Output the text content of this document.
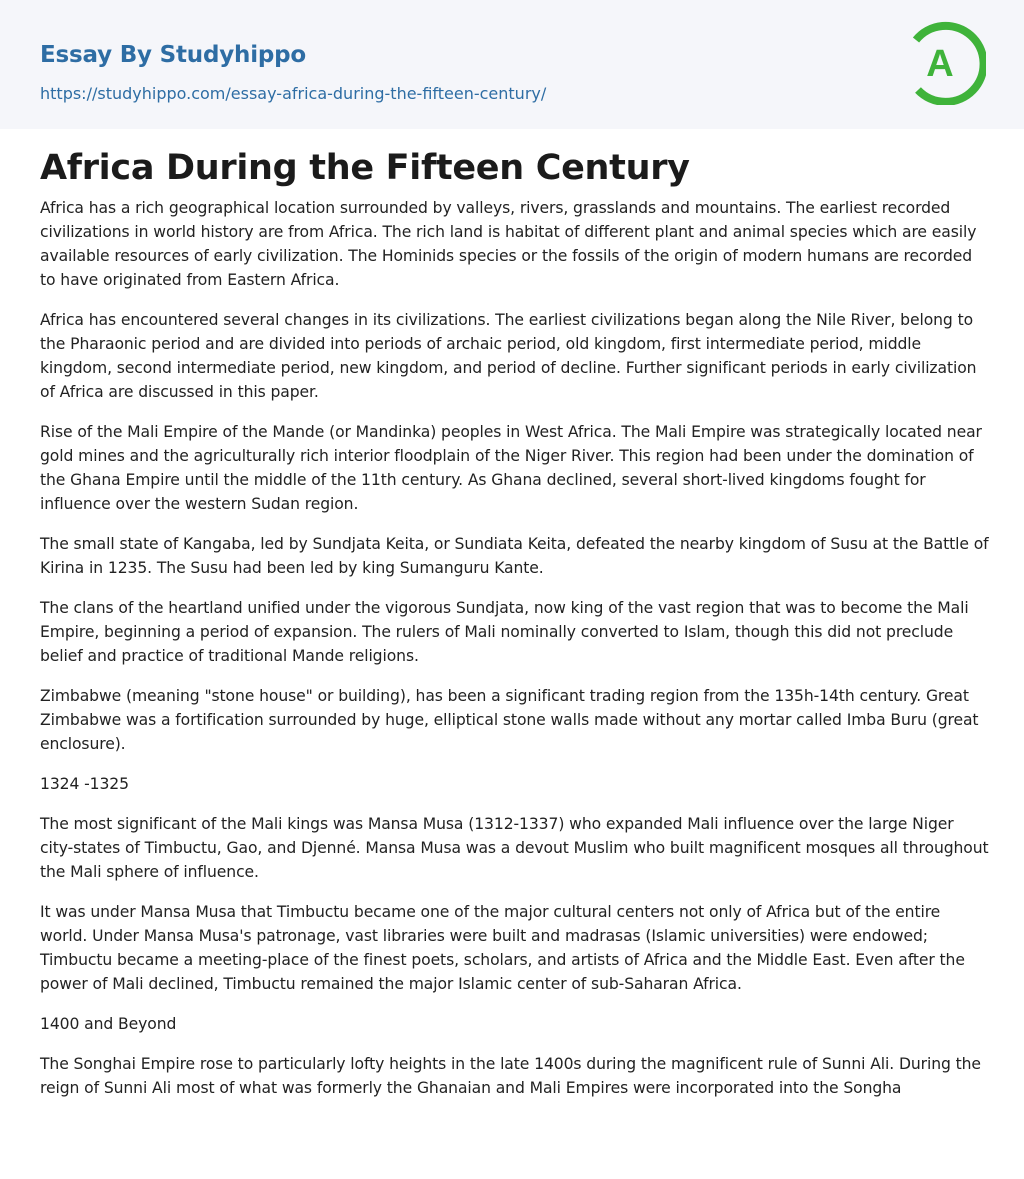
Essay By Studyhippo
https://studyhippo.com/essay-africa-during-the-fifteen-century/
A
Africa During the Fifteen Century

Africa has a rich geographical location surrounded by valleys, rivers, grasslands and mountains. The earliest recorded civilizations in world history are from Africa. The rich land is habitat of different plant and animal species which are easily available resources of early civilization. The Hominids species or the fossils of the origin of modern humans are recorded to have originated from Eastern Africa.

Africa has encountered several changes in its civilizations. The earliest civilizations began along the Nile River, belong to the Pharaonic period and are divided into periods of archaic period, old kingdom, first intermediate period, middle kingdom, second intermediate period, new kingdom, and period of decline. Further significant periods in early civilization of Africa are discussed in this paper.

Rise of the Mali Empire of the Mande (or Mandinka) peoples in West Africa. The Mali Empire was strategically located near gold mines and the agriculturally rich interior floodplain of the Niger River. This region had been under the domination of the Ghana Empire until the middle of the 11th century. As Ghana declined, several short-lived kingdoms fought for influence over the western Sudan region.

The small state of Kangaba, led by Sundjata Keita, or Sundiata Keita, defeated the nearby kingdom of Susu at the Battle of Kirina in 1235. The Susu had been led by king Sumanguru Kante.

The clans of the heartland unified under the vigorous Sundjata, now king of the vast region that was to become the Mali Empire, beginning a period of expansion. The rulers of Mali nominally converted to Islam, though this did not preclude belief and practice of traditional Mande religions.

Zimbabwe (meaning "stone house" or building), has been a significant trading region from the 135h-14th century. Great Zimbabwe was a fortification surrounded by huge, elliptical stone walls made without any mortar called Imba Buru (great enclosure).

1324 -1325

The most significant of the Mali kings was Mansa Musa (1312-1337) who expanded Mali influence over the large Niger city-states of Timbuctu, Gao, and Djenné. Mansa Musa was a devout Muslim who built magnificent mosques all throughout the Mali sphere of influence.

It was under Mansa Musa that Timbuctu became one of the major cultural centers not only of Africa but of the entire world. Under Mansa Musa's patronage, vast libraries were built and madrasas (Islamic universities) were endowed; Timbuctu became a meeting-place of the finest poets, scholars, and artists of Africa and the Middle East. Even after the power of Mali declined, Timbuctu remained the major Islamic center of sub-Saharan Africa.

1400 and Beyond

The Songhai Empire rose to particularly lofty heights in the late 1400s during the magnificent rule of Sunni Ali. During the reign of Sunni Ali most of what was formerly the Ghanaian and Mali Empires were incorporated into the Songha
